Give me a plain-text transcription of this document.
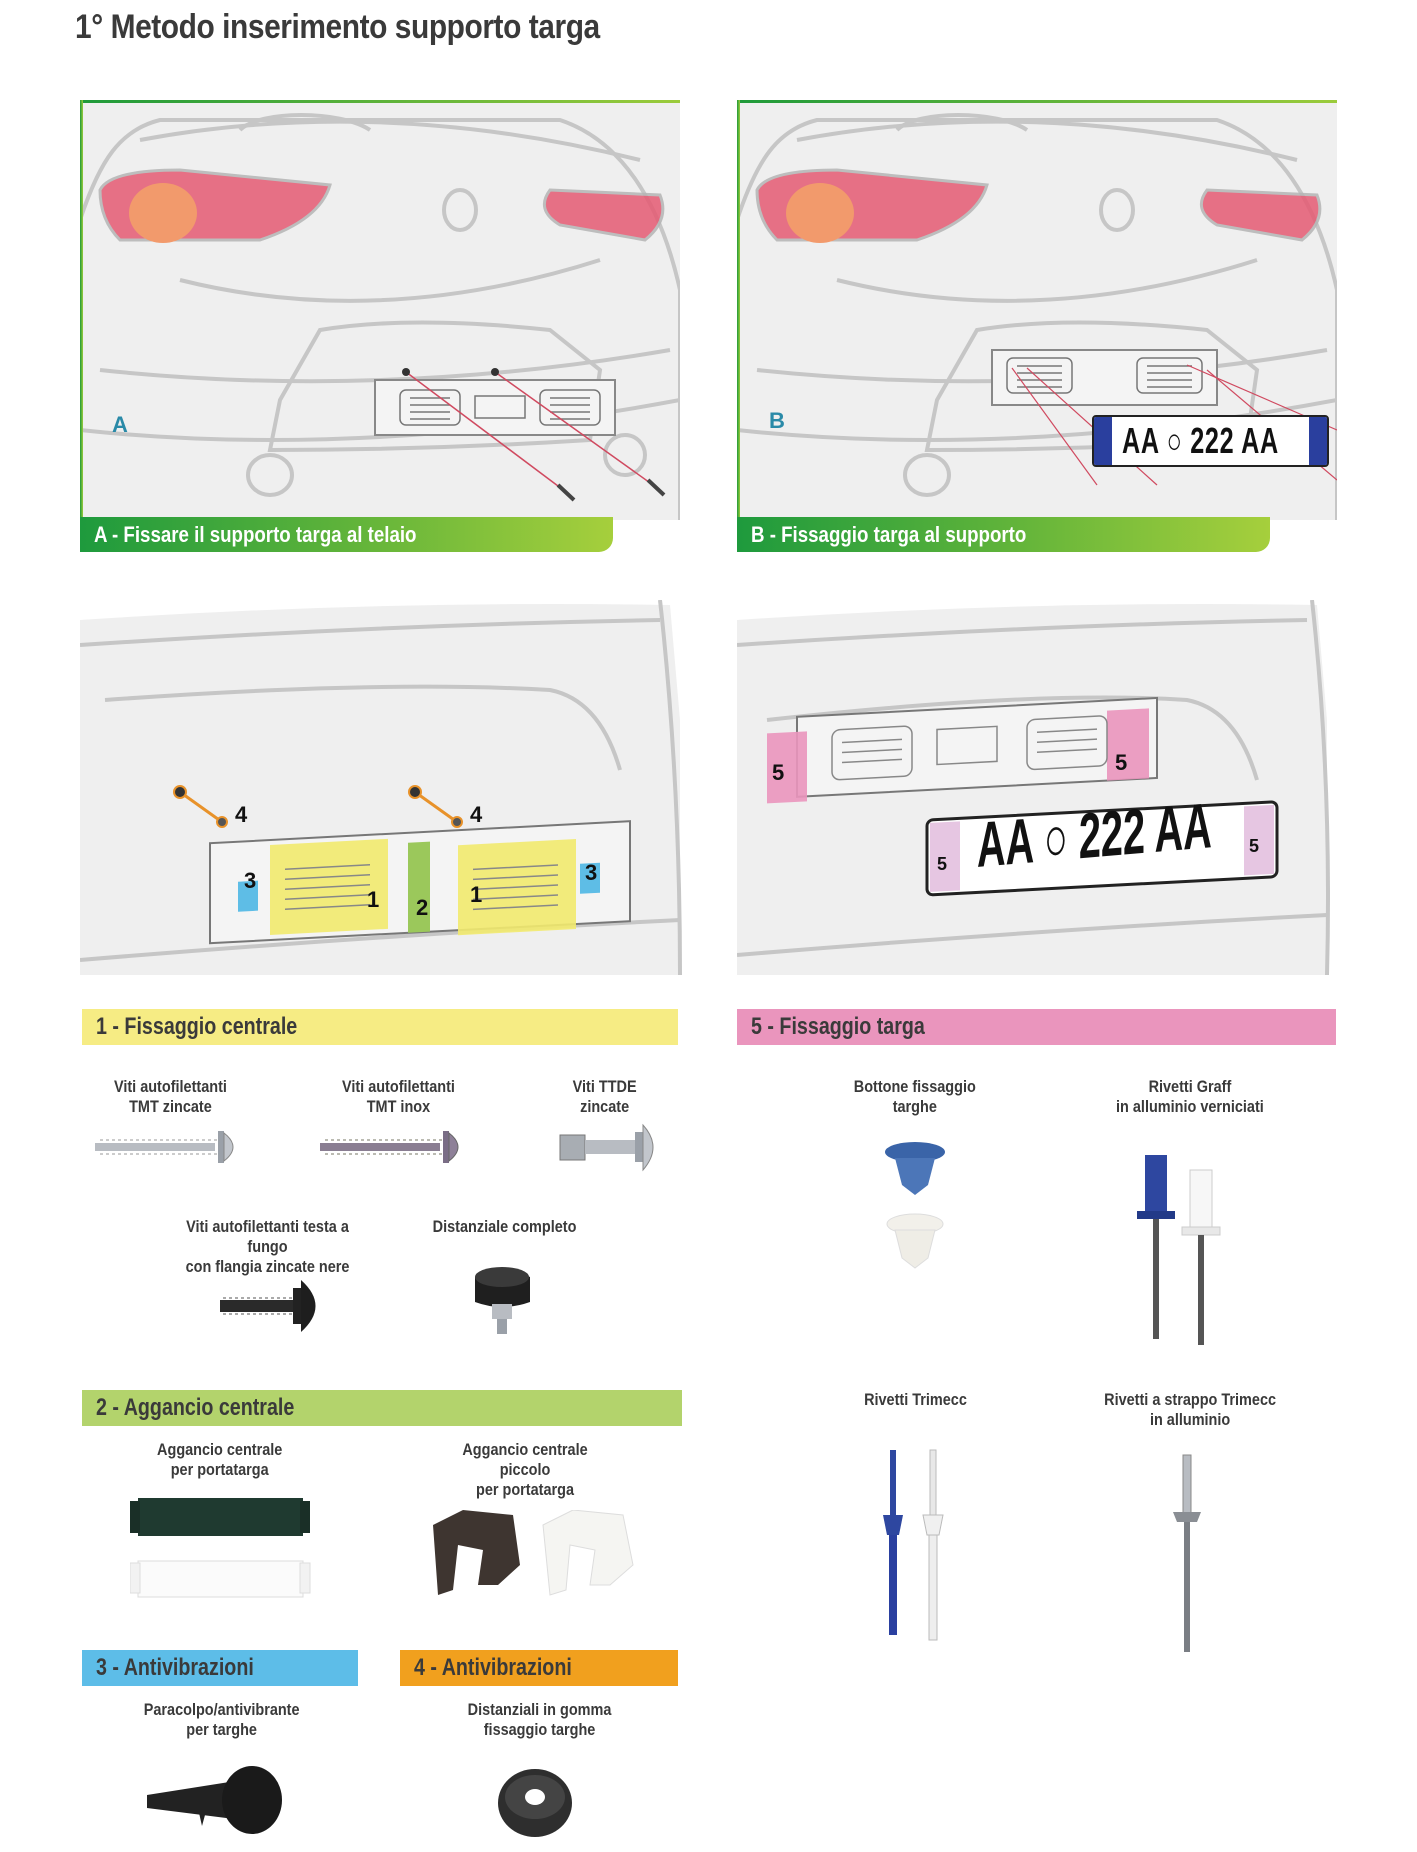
1° Metodo inserimento supporto targa
A
A - Fissare il supporto targa al telaio
B	AA ○ 222 AA
B - Fissaggio targa al supporto
1	1
2
3	3
4	4
5	5
5
5
AA ○ 222 AA
1 - Fissaggio centrale
Viti autofilettanti
TMT zincate
Viti autofilettanti
TMT inox
Viti TTDE
zincate
Viti autofilettanti testa a fungo
con flangia zincate nere
Distanziale completo
2 - Aggancio centrale
Aggancio centrale
per portatarga
Aggancio centrale piccolo
per portatarga
3 - Antivibrazioni	4 - Antivibrazioni
Paracolpo/antivibrante
per targhe
Distanziali in gomma
fissaggio targhe
5 - Fissaggio targa
Bottone fissaggio
targhe
Rivetti Graff
in alluminio verniciati
Rivetti Trimecc	Rivetti a strappo Trimecc
in alluminio
